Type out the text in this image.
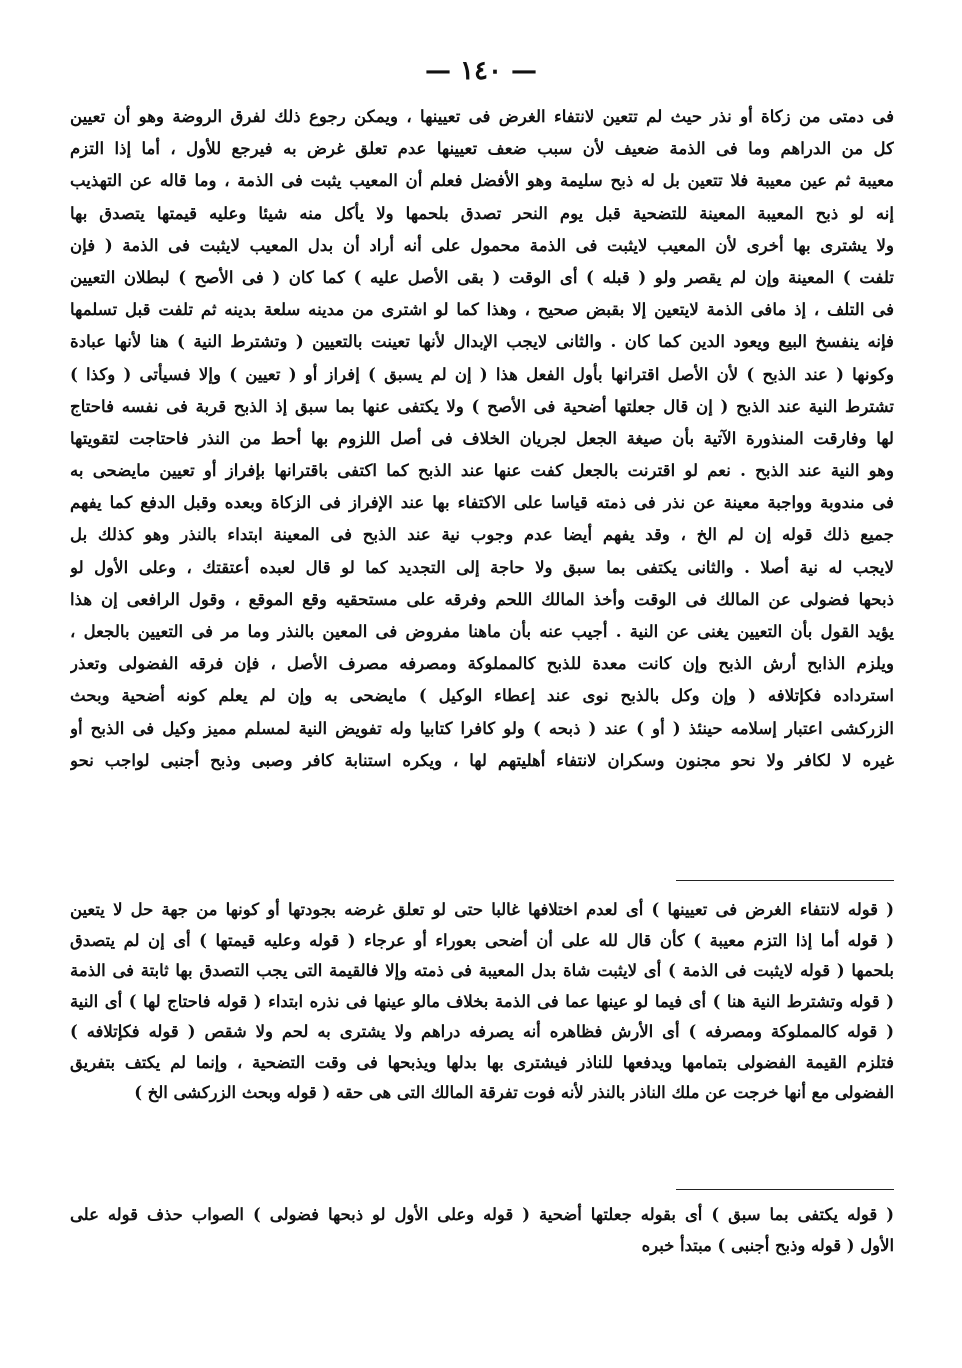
— ١٤٠ —
فى دمتى من زكاة أو نذر حيث لم تتعين لانتفاء الغرض فى تعيينها ، ويمكن رجوع ذلك لفرق الروضة وهو أن تعيين
كل من الدراهم وما فى الذمة ضعيف لأن سبب ضعف تعيينها عدم تعلق غرض به فيرجع للأول ، أما إذا التزم
معيبة ثم عين معيبة فلا تتعين بل له ذبح سليمة وهو الأفضل فعلم أن المعيب يثبت فى الذمة ، وما قاله عن التهذيب
إنه لو ذبح المعيبة المعينة للتضحية قبل يوم النحر تصدق بلحمها ولا يأكل منه شيئا وعليه قيمتها يتصدق بها
ولا يشترى بها أخرى لأن المعيب لايثبت فى الذمة محمول على أنه أراد أن بدل المعيب لايثبت فى الذمة ( فإن
تلفت ) المعينة وإن لم يقصر ولو ( قبله ) أى الوقت ( بقى الأصل عليه ) كما كان ( فى الأصح ) لبطلان التعيين
فى التلف ، إذ مافى الذمة لايتعين إلا بقبض صحيح ، وهذا كما لو اشترى من مدينه سلعة بدينه ثم تلفت قبل تسلمها
فإنه ينفسخ البيع ويعود الدين كما كان . والثانى لايجب الإبدال لأنها تعينت بالتعيين ( وتشترط النية ) هنا لأنها عبادة
وكونها ( عند الذبح ) لأن الأصل اقترانها بأول الفعل هذا ( إن لم يسبق ) إفراز أو ( تعيين ) وإلا فسيأتى ( وكذا )
تشترط النية عند الذبح ( إن قال جعلتها أضحية فى الأصح ) ولا يكتفى عنها بما سبق إذ الذبح قربة فى نفسه فاحتاج
لها وفارقت المنذورة الآتية بأن صيغة الجعل لجريان الخلاف فى أصل اللزوم بها أحط من النذر فاحتاجت لتقويتها
وهو النية عند الذبح . نعم لو اقترنت بالجعل كفت عنها عند الذبح كما اكتفى باقترانها بإفراز أو تعيين مايضحى به
فى مندوبة وواجبة معينة عن نذر فى ذمته قياسا على الاكتفاء بها عند الإفراز فى الزكاة وبعده وقبل الدفع كما يفهم
جميع ذلك قوله إن لم الخ ، وقد يفهم أيضا عدم وجوب نية عند الذبح فى المعينة ابتداء بالنذر وهو كذلك بل
لايجب له نية أصلا . والثانى يكتفى بما سبق ولا حاجة إلى التجديد كما لو قال لعبده أعتقتك ، وعلى الأول لو
ذبحها فضولى عن المالك فى الوقت وأخذ المالك اللحم وفرقه على مستحقيه وقع الموقع ، وقول الرافعى إن هذا
يؤيد القول بأن التعيين يغنى عن النية . أجيب عنه بأن ماهنا مفروض فى المعين بالنذر وما مر فى التعيين بالجعل ،
ويلزم الذابح أرش الذبح وإن كانت معدة للذبح كالمملوكة ومصرفه مصرف الأصل ، فإن فرقه الفضولى وتعذر
استرداده فكإتلافه ( وإن وكل بالذبح نوى عند إعطاء الوكيل ) مايضحى به وإن لم يعلم كونه أضحية وبحث
الزركشى اعتبار إسلامه حينئذ ( أو ) عند ( ذبحه ) ولو كافرا كتابيا وله تفويض النية لمسلم مميز وكيل فى الذبح أو
غيره لا لكافر ولا نحو مجنون وسكران لانتفاء أهليتهم لها ، ويكره استنابة كافر وصبى وذبح أجنبى لواجب نحو
( قوله لانتفاء الغرض فى تعيينها ) أى لعدم اختلافها غالبا حتى لو تعلق غرضه بجودتها أو كونها من جهة حل لا يتعين
( قوله أما إذا التزم معيبة ) كأن قال لله على أن أضحى بعوراء أو عرجاء ( قوله وعليه قيمتها ) أى إن لم يتصدق
بلحمها ( قوله لايثبت فى الذمة ) أى لايثبت شاة بدل المعيبة فى ذمته وإلا فالقيمة التى يجب التصدق بها ثابتة فى الذمة
( قوله وتشترط النية هنا ) أى فيما لو عينها عما فى الذمة بخلاف مالو عينها فى نذره ابتداء ( قوله فاحتاج لها ) أى النية
( قوله كالمملوكة ومصرفه ) أى الأرش فظاهره أنه يصرفه دراهم ولا يشترى به لحم ولا شقص ( قوله فكإتلافه )
فتلزم القيمة الفضولى بتمامها ويدفعها للناذر فيشترى بها بدلها ويذبحها فى وقت التضحية ، وإنما لم يكتف بتفريق
الفضولى مع أنها خرجت عن ملك الناذر بالنذر لأنه فوت تفرقة المالك التى هى حقه ( قوله وبحث الزركشى الخ )
( قوله يكتفى بما سبق ) أى بقوله جعلتها أضحية ( قوله وعلى الأول لو ذبحها فضولى ) الصواب حذف قوله على
الأول ( قوله وذبح أجنبى ) مبتدأ خبره
